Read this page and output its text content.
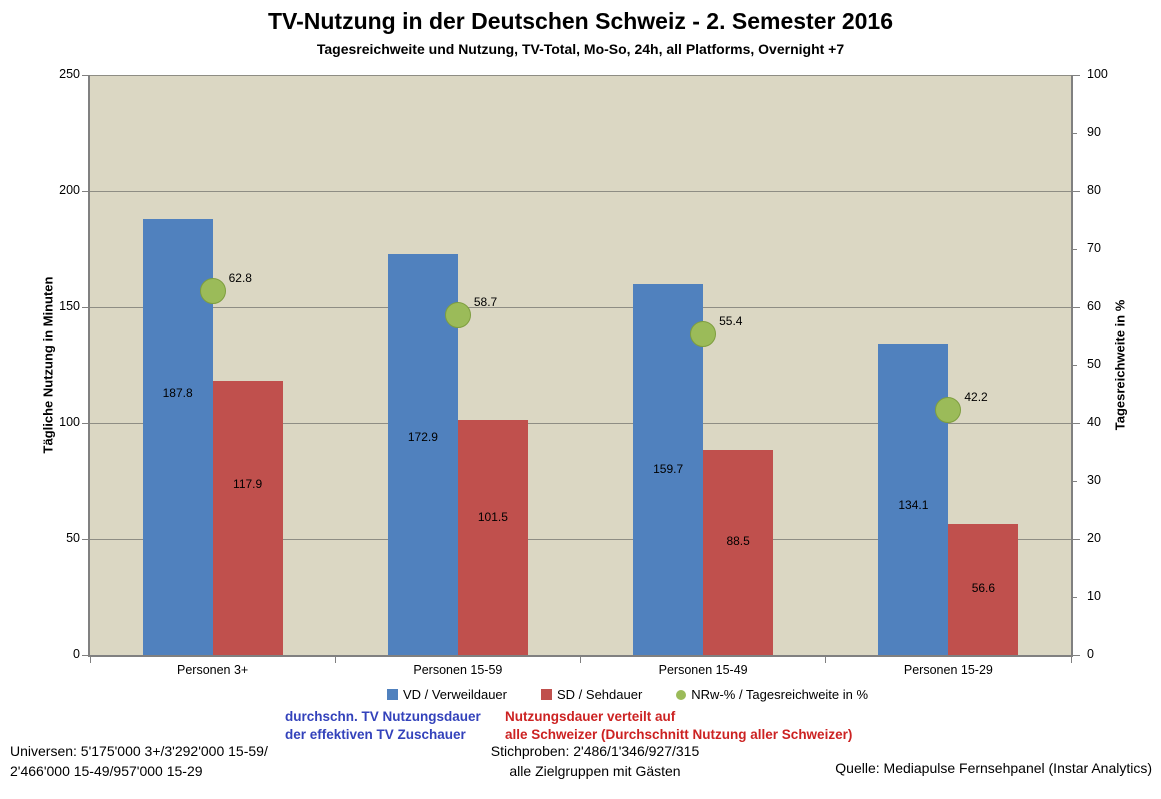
TV-Nutzung in der Deutschen Schweiz - 2. Semester 2016
Tagesreichweite und Nutzung, TV-Total, Mo-So, 24h, all Platforms, Overnight +7
0
50
100
150
200
250
0
10
20
30
40
50
60
70
80
90
100
187.8
172.9
159.7
134.1
117.9
101.5
88.5
56.6
62.8
58.7
55.4
42.2
Personen 3+	Personen 15-59	Personen 15-49	Personen 15-29
Tägliche Nutzung in Minuten	Tagesreichweite in %
VD / Verweildauer	SD / Sehdauer	NRw-% / Tagesreichweite in %
durchschn. TV Nutzungsdauer
der effektiven TV Zuschauer
Nutzungsdauer verteilt auf
alle Schweizer (Durchschnitt Nutzung aller Schweizer)
Universen: 5'175'000 3+/3'292'000 15-59/
2'466'000 15-49/957'000 15-29
Stichproben: 2'486/1'346/927/315
alle Zielgruppen mit Gästen	Quelle: Mediapulse Fernsehpanel (Instar Analytics)
